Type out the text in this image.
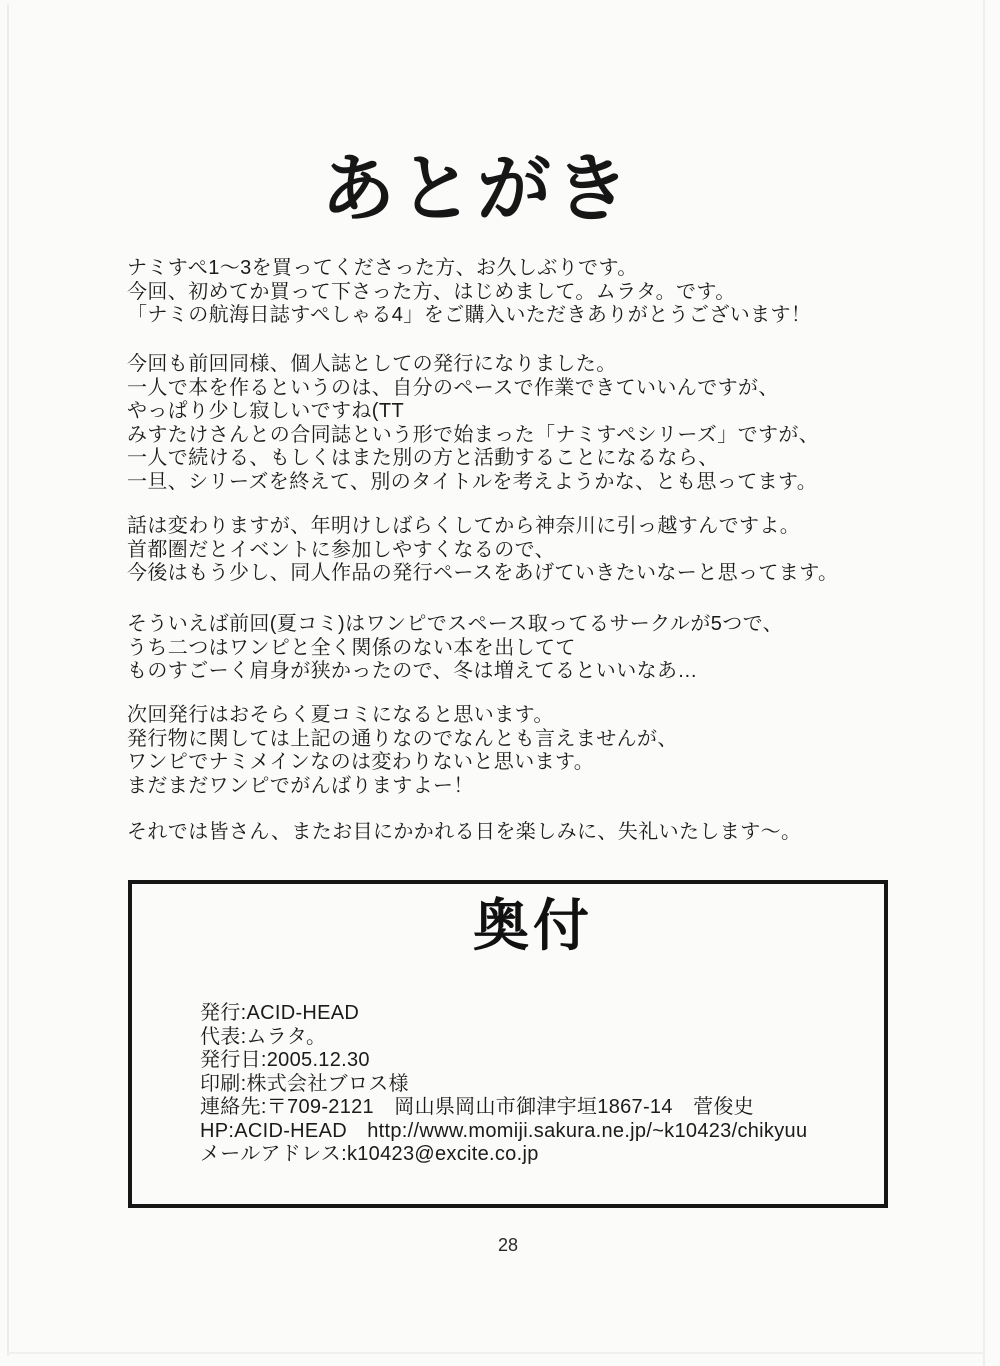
あとがき
ナミすぺ1～3を買ってくださった方、お久しぶりです。
今回、初めてか買って下さった方、はじめまして。ムラタ。です。
「ナミの航海日誌すぺしゃる4」をご購入いただきありがとうございます！
今回も前回同様、個人誌としての発行になりました。
一人で本を作るというのは、自分のペースで作業できていいんですが、
やっぱり少し寂しいですね(TT
みすたけさんとの合同誌という形で始まった「ナミすぺシリーズ」ですが、
一人で続ける、もしくはまた別の方と活動することになるなら、
一旦、シリーズを終えて、別のタイトルを考えようかな、とも思ってます。
話は変わりますが、年明けしばらくしてから神奈川に引っ越すんですよ。
首都圏だとイベントに参加しやすくなるので、
今後はもう少し、同人作品の発行ペースをあげていきたいなーと思ってます。
そういえば前回(夏コミ)はワンピでスペース取ってるサークルが5つで、
うち二つはワンピと全く関係のない本を出してて
ものすごーく肩身が狭かったので、冬は増えてるといいなあ…
次回発行はおそらく夏コミになると思います。
発行物に関しては上記の通りなのでなんとも言えませんが、
ワンピでナミメインなのは変わりないと思います。
まだまだワンピでがんばりますよー！
それでは皆さん、またお目にかかれる日を楽しみに、失礼いたします～。
奥付
発行:ACID-HEAD
代表:ムラタ。
発行日:2005.12.30
印刷:株式会社ブロス様
連絡先:〒709-2121　岡山県岡山市御津宇垣1867-14　菅俊史
HP:ACID-HEAD　http://www.momiji.sakura.ne.jp/~k10423/chikyuu
メールアドレス:k10423@excite.co.jp
28
